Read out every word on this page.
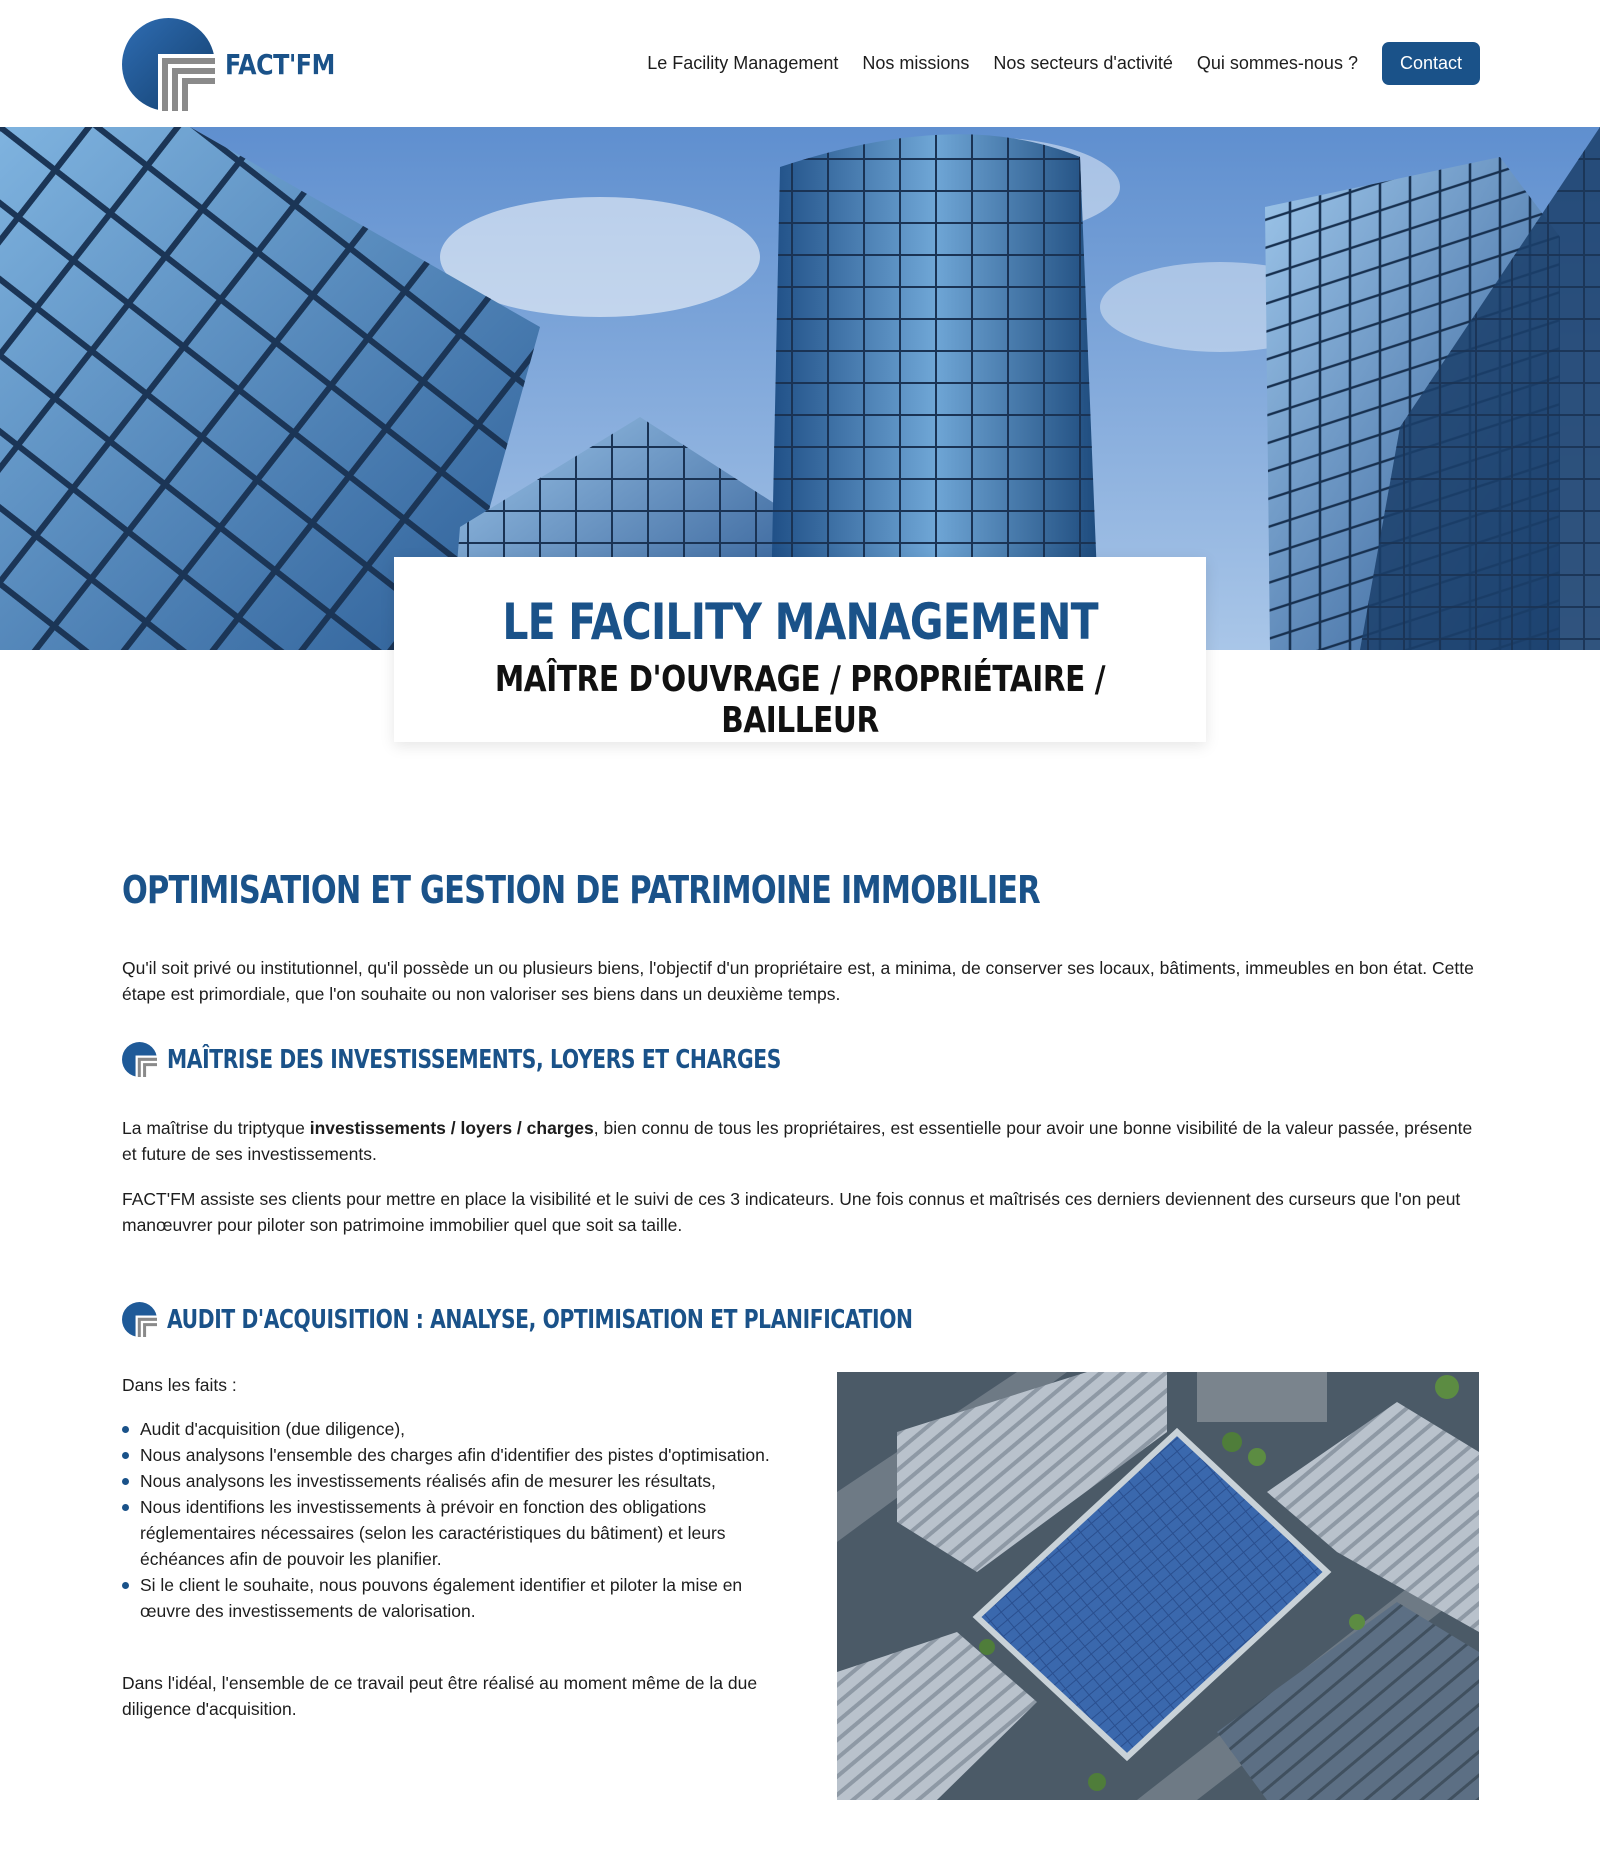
FACT'FM	Le Facility Management Nos missions Nos secteurs d'activité Qui sommes-nous ?	Contact
LE FACILITY MANAGEMENT
MAÎTRE D'OUVRAGE / PROPRIÉTAIRE / BAILLEUR
OPTIMISATION ET GESTION DE PATRIMOINE IMMOBILIER

Qu'il soit privé ou institutionnel, qu'il possède un ou plusieurs biens, l'objectif d'un propriétaire est, a minima, de conserver ses locaux, bâtiments, immeubles en bon état. Cette étape est primordiale, que l'on souhaite ou non valoriser ses biens dans un deuxième temps.

MAÎTRISE DES INVESTISSEMENTS, LOYERS ET CHARGES

La maîtrise du triptyque investissements / loyers / charges, bien connu de tous les propriétaires, est essentielle pour avoir une bonne visibilité de la valeur passée, présente et future de ses investissements.

FACT'FM assiste ses clients pour mettre en place la visibilité et le suivi de ces 3 indicateurs. Une fois connus et maîtrisés ces derniers deviennent des curseurs que l'on peut manœuvrer pour piloter son patrimoine immobilier quel que soit sa taille.

AUDIT D'ACQUISITION : ANALYSE, OPTIMISATION ET PLANIFICATION

Dans les faits :

Audit d'acquisition (due diligence),
Nous analysons l'ensemble des charges afin d'identifier des pistes d'optimisation.
Nous analysons les investissements réalisés afin de mesurer les résultats,
Nous identifions les investissements à prévoir en fonction des obligations réglementaires nécessaires (selon les caractéristiques du bâtiment) et leurs échéances afin de pouvoir les planifier.
Si le client le souhaite, nous pouvons également identifier et piloter la mise en œuvre des investissements de valorisation.

Dans l'idéal, l'ensemble de ce travail peut être réalisé au moment même de la due diligence d'acquisition.
